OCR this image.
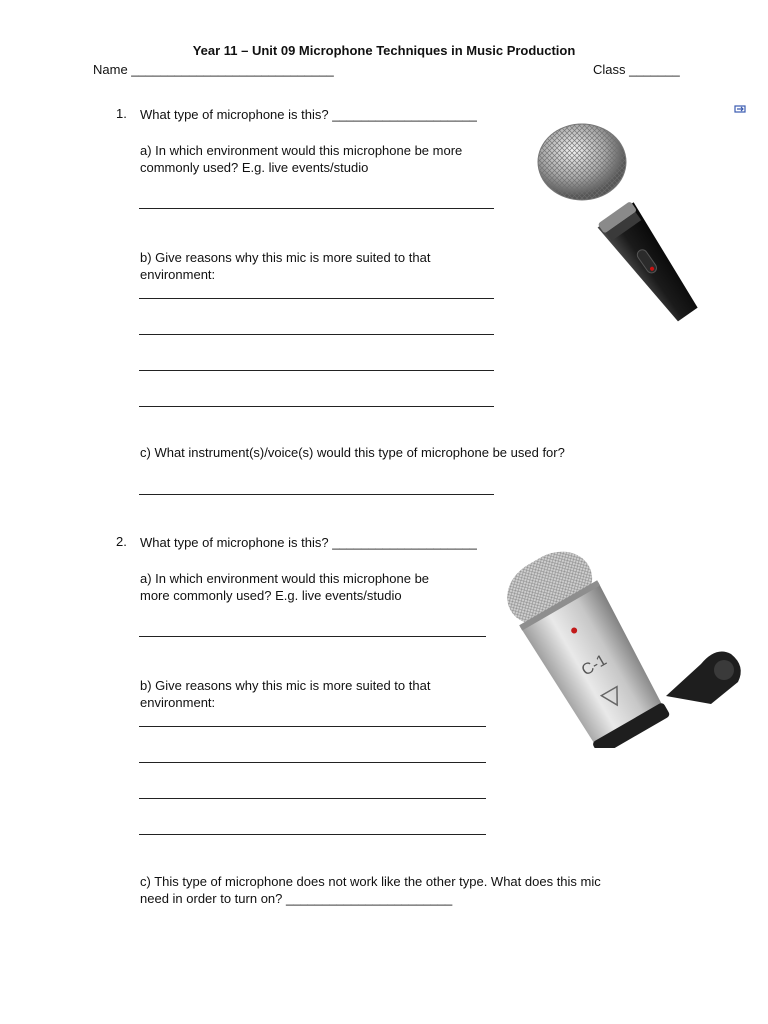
Year 11 – Unit 09 Microphone Techniques in Music Production
Name ____________________________	Class _______
1. What type of microphone is this? ____________________
a) In which environment would this microphone be more
commonly used? E.g. live events/studio
b) Give reasons why this mic is more suited to that
environment:
c) What instrument(s)/voice(s) would this type of microphone be used for?
2. What type of microphone is this? ____________________
a) In which environment would this microphone be
more commonly used? E.g. live events/studio
b) Give reasons why this mic is more suited to that
environment:
c) This type of microphone does not work like the other type. What does this mic
need in order to turn on? _______________________
C-1
